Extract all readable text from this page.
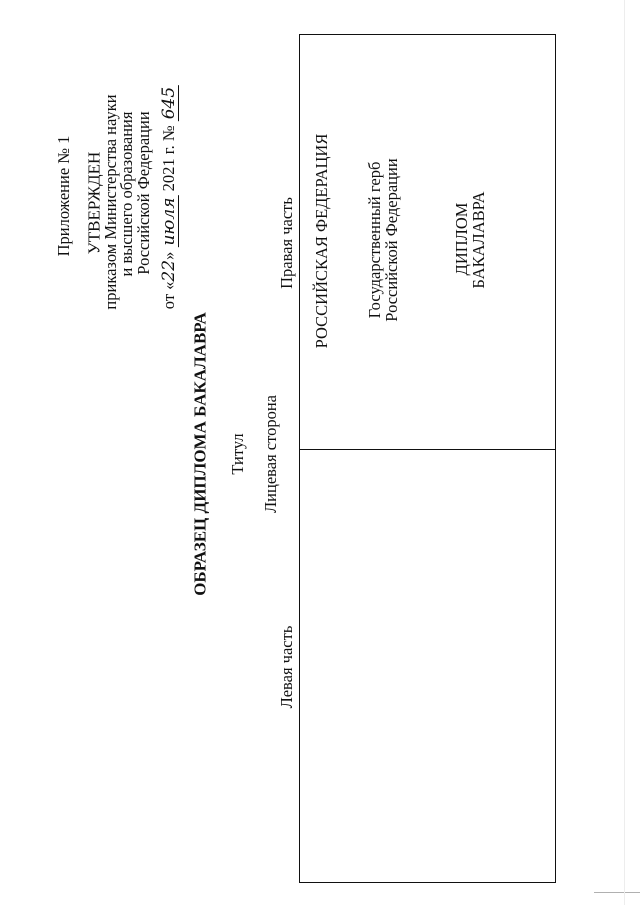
Приложение № 1 УТВЕРЖДЕН
приказом Министерства науки
и высшего образования
Российской Федерации
от «22» июля 2021 г. № 645
ОБРАЗЕЦ ДИПЛОМА БАКАЛАВРА Титул Лицевая сторона
Левая часть
Правая часть РОССИЙСКАЯ ФЕДЕРАЦИЯ Государственный герб
Российской Федерации	ДИПЛОМ
БАКАЛАВРА
